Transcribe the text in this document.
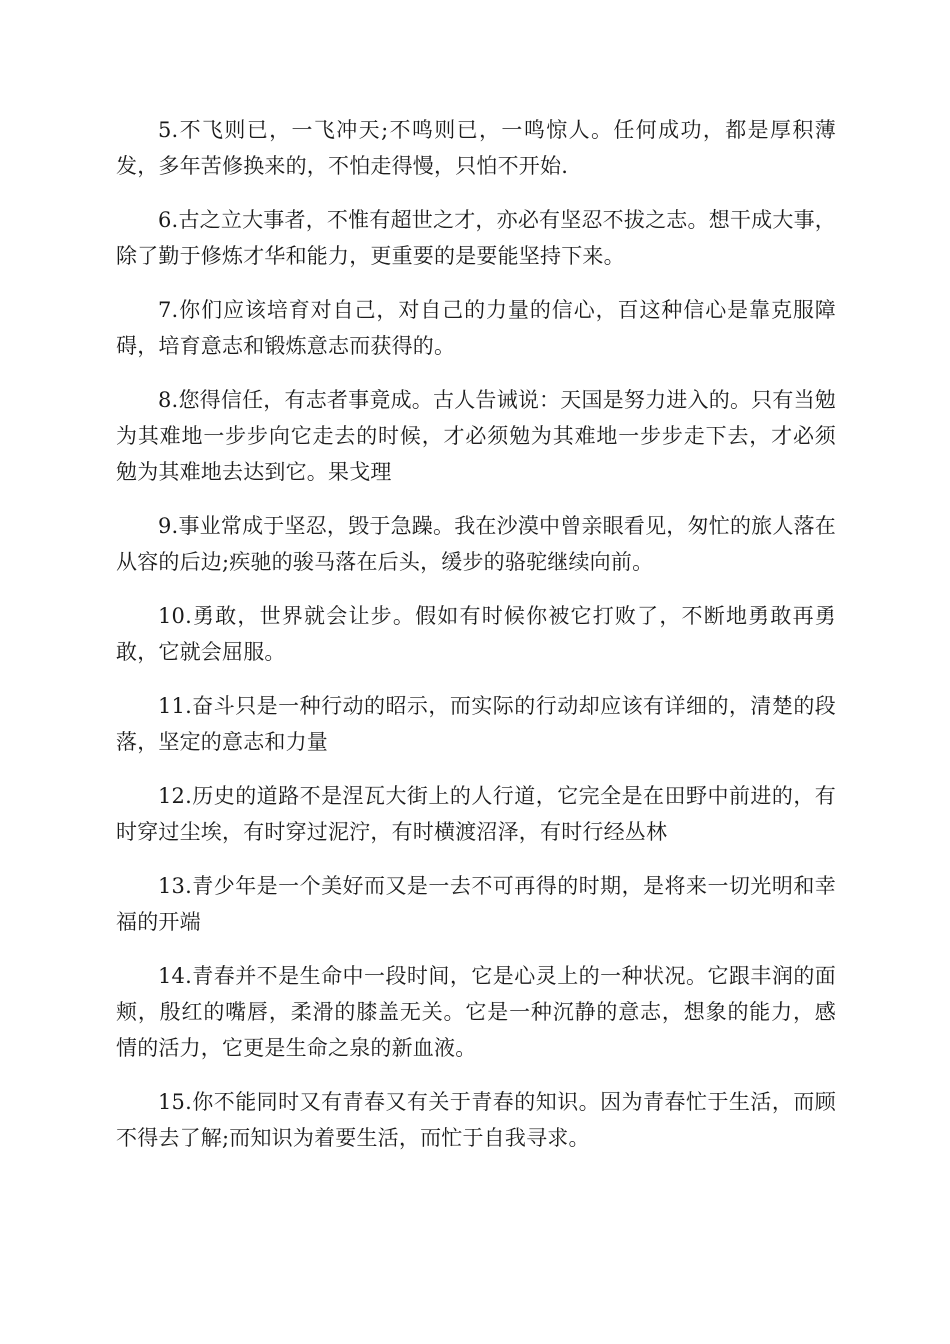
5.不飞则已，一飞冲天;不鸣则已，一鸣惊人。任何成功，都是厚积薄发，多年苦修换来的，不怕走得慢，只怕不开始.

6.古之立大事者，不惟有超世之才，亦必有坚忍不拔之志。想干成大事，除了勤于修炼才华和能力，更重要的是要能坚持下来。

7.你们应该培育对自己，对自己的力量的信心，百这种信心是靠克服障碍，培育意志和锻炼意志而获得的。

8.您得信任，有志者事竟成。古人告诫说：天国是努力进入的。只有当勉为其难地一步步向它走去的时候，才必须勉为其难地一步步走下去，才必须勉为其难地去达到它。果戈理

9.事业常成于坚忍，毁于急躁。我在沙漠中曾亲眼看见，匆忙的旅人落在从容的后边;疾驰的骏马落在后头，缓步的骆驼继续向前。

10.勇敢，世界就会让步。假如有时候你被它打败了，不断地勇敢再勇敢，它就会屈服。

11.奋斗只是一种行动的昭示，而实际的行动却应该有详细的，清楚的段落，坚定的意志和力量

12.历史的道路不是涅瓦大街上的人行道，它完全是在田野中前进的，有时穿过尘埃，有时穿过泥泞，有时横渡沼泽，有时行经丛林

13.青少年是一个美好而又是一去不可再得的时期，是将来一切光明和幸福的开端

14.青春并不是生命中一段时间，它是心灵上的一种状况。它跟丰润的面颊，殷红的嘴唇，柔滑的膝盖无关。它是一种沉静的意志，想象的能力，感情的活力，它更是生命之泉的新血液。

15.你不能同时又有青春又有关于青春的知识。因为青春忙于生活，而顾不得去了解;而知识为着要生活，而忙于自我寻求。
